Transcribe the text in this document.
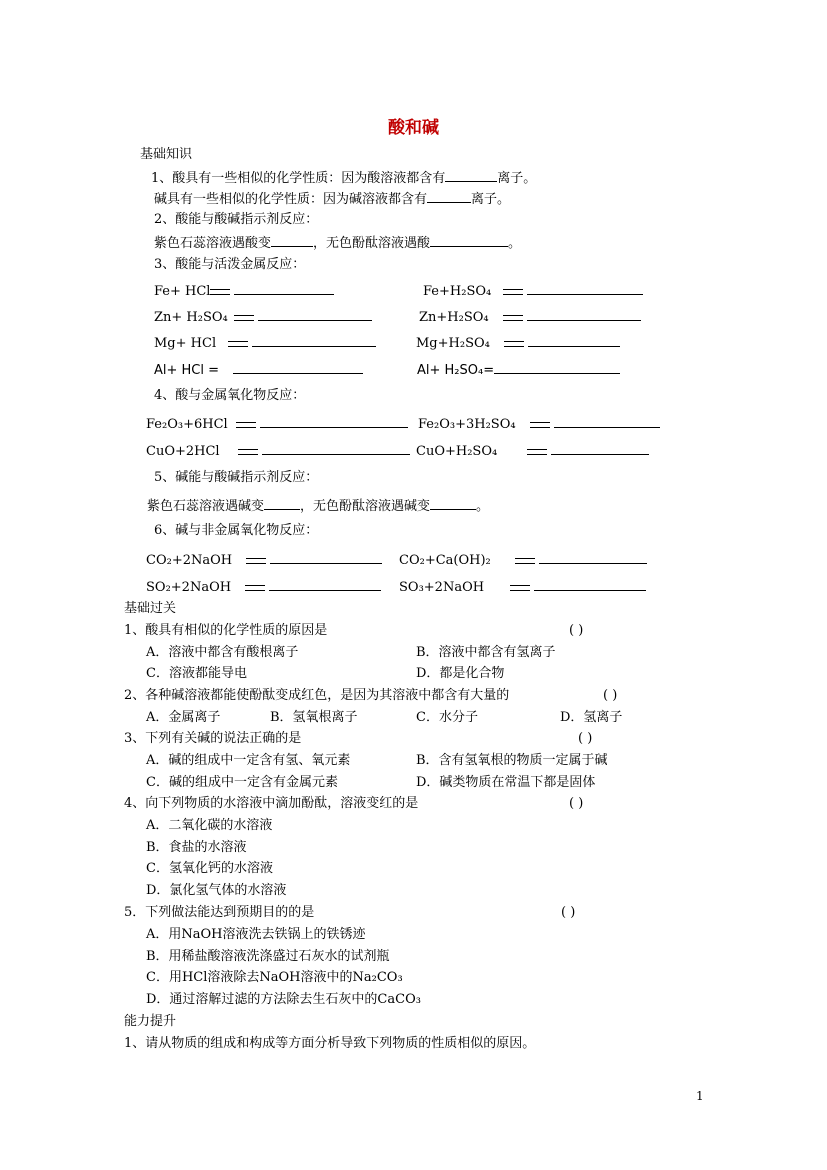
酸和碱
基础知识
1、酸具有一些相似的化学性质：因为酸溶液都含有	离子。
碱具有一些相似的化学性质：因为碱溶液都含有	离子。
2、酸能与酸碱指示剂反应：
紫色石蕊溶液遇酸变	，无色酚酞溶液遇酸	。
3、酸能与活泼金属反应：
Fe+ HCl	Fe+H₂SO₄
Zn+ H₂SO₄	Zn+H₂SO₄
Mg+ HCl	Mg+H₂SO₄
Al+ HCl =	Al+ H₂SO₄=
4、酸与金属氧化物反应：
Fe₂O₃+6HCl	Fe₂O₃+3H₂SO₄
CuO+2HCl	CuO+H₂SO₄
5、碱能与酸碱指示剂反应：
紫色石蕊溶液遇碱变	，无色酚酞溶液遇碱变	。
6、碱与非金属氧化物反应：
CO₂+2NaOH	CO₂+Ca(OH)₂
SO₂+2NaOH	SO₃+2NaOH
基础过关
1、酸具有相似的化学性质的原因是	( )
A．溶液中都含有酸根离子	B．溶液中都含有氢离子
C．溶液都能导电	D．都是化合物
2、各种碱溶液都能使酚酞变成红色，是因为其溶液中都含有大量的	( )
A．金属离子	B．氢氧根离子	C．水分子	D．氢离子
3、下列有关碱的说法正确的是	( )
A．碱的组成中一定含有氢、氧元素	B．含有氢氧根的物质一定属于碱
C．碱的组成中一定含有金属元素	D．碱类物质在常温下都是固体
4、向下列物质的水溶液中滴加酚酞，溶液变红的是	( )
A．二氧化碳的水溶液
B．食盐的水溶液
C．氢氧化钙的水溶液
D．氯化氢气体的水溶液
5．下列做法能达到预期目的的是	( )
A．用NaOH溶液洗去铁锅上的铁锈迹
B．用稀盐酸溶液洗涤盛过石灰水的试剂瓶
C．用HCl溶液除去NaOH溶液中的Na₂CO₃
D．通过溶解过滤的方法除去生石灰中的CaCO₃
能力提升
1、请从物质的组成和构成等方面分析导致下列物质的性质相似的原因。
1
